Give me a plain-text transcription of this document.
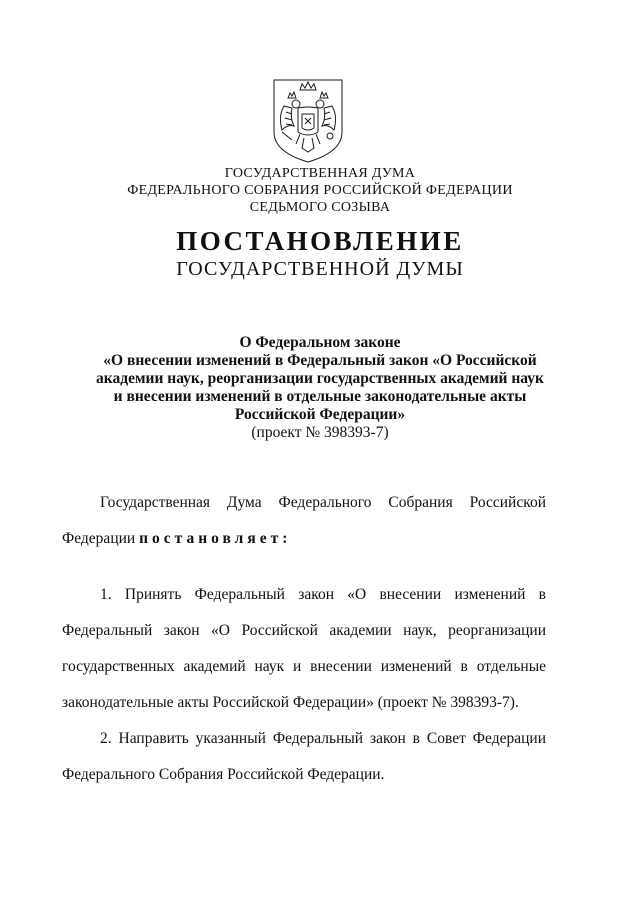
ГОСУДАРСТВЕННАЯ ДУМА
ФЕДЕРАЛЬНОГО СОБРАНИЯ РОССИЙСКОЙ ФЕДЕРАЦИИ
СЕДЬМОГО СОЗЫВА
ПОСТАНОВЛЕНИЕ
ГОСУДАРСТВЕННОЙ ДУМЫ
О Федеральном законе
«О внесении изменений в Федеральный закон «О Российской
академии наук, реорганизации государственных академий наук
и внесении изменений в отдельные законодательные акты
Российской Федерации»
(проект № 398393-7)
Государственная Дума Федерального Собрания Российской
Федерации постановляет:
1. Принять Федеральный закон «О внесении изменений в
Федеральный закон «О Российской академии наук, реорганизации
государственных академий наук и внесении изменений в отдельные
законодательные акты Российской Федерации» (проект № 398393-7).
2. Направить указанный Федеральный закон в Совет Федерации
Федерального Собрания Российской Федерации.
